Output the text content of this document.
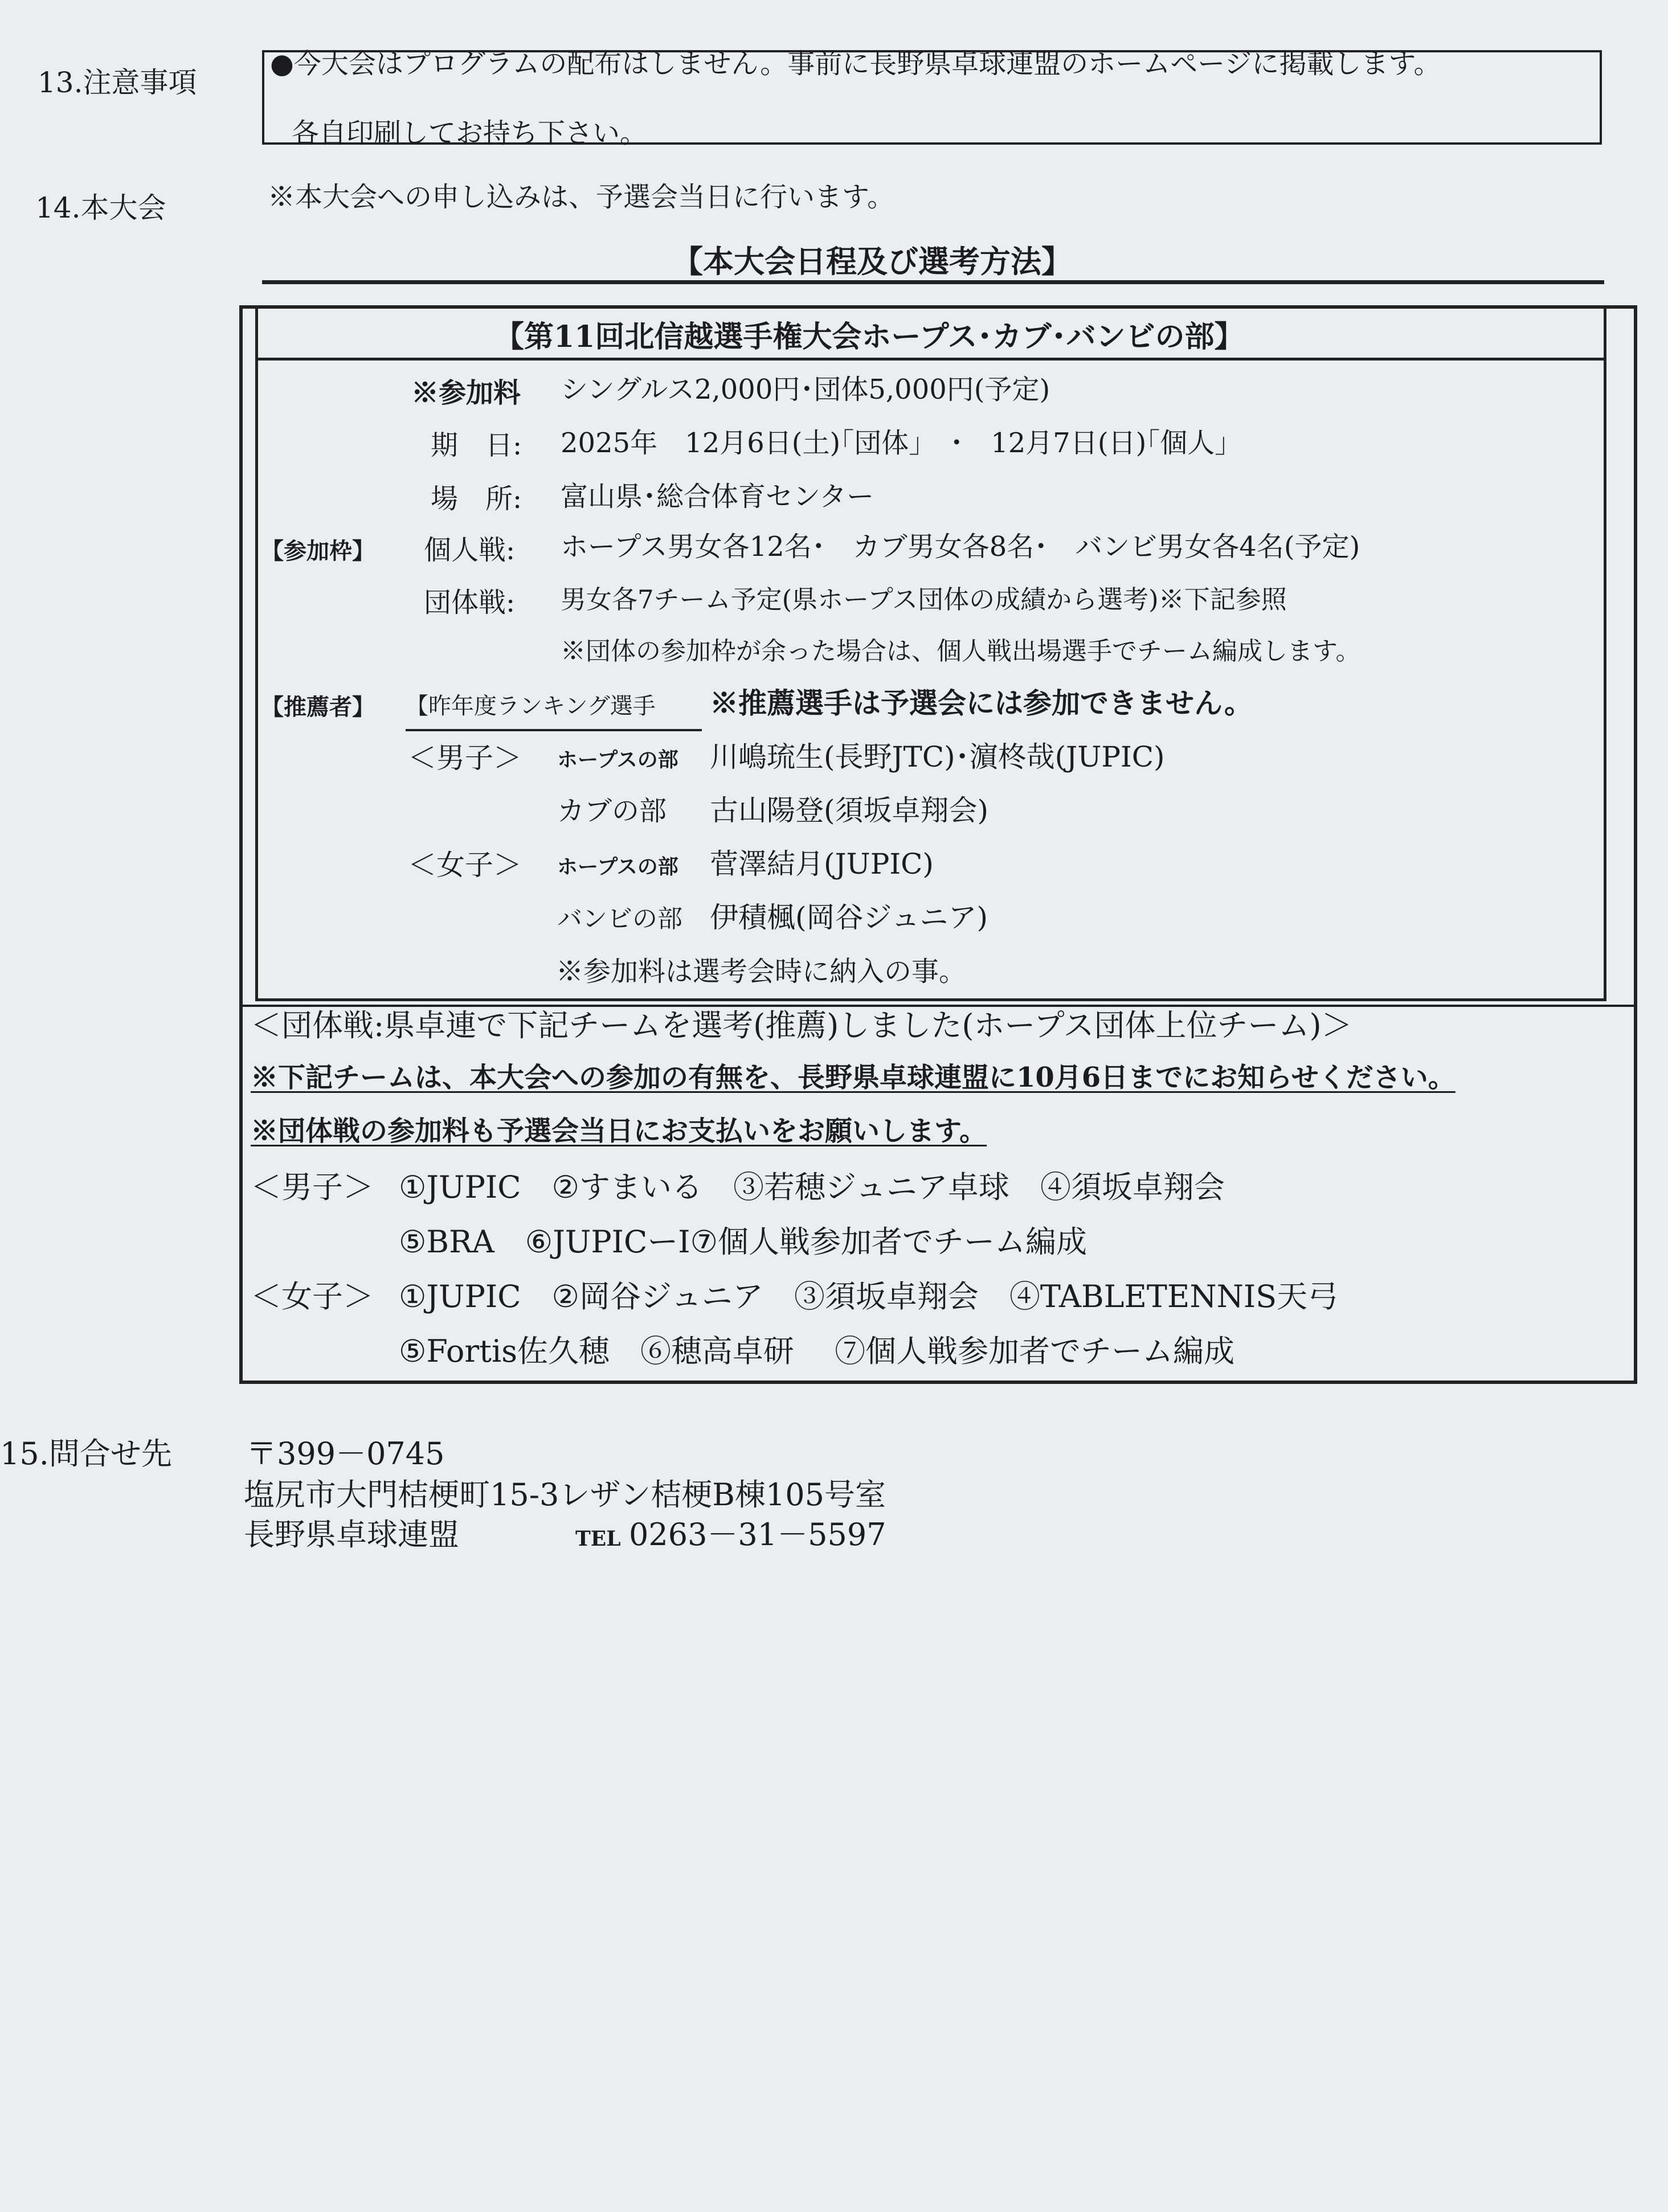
13.注意事項
●今大会はプログラムの配布はしません。事前に長野県卓球連盟のホームページに掲載します。
各自印刷してお持ち下さい。
14.本大会	※本大会への申し込みは、予選会当日に行います。
【本大会日程及び選考方法】
【第11回北信越選手権大会ホープス･カブ･バンビの部】
※参加料 シングルス2,000円･団体5,000円(予定)
期　日: 2025年　12月6日(土)｢団体｣　･　12月7日(日)｢個人｣
場　所: 富山県･総合体育センター
【参加枠】 個人戦: ホープス男女各12名･　カブ男女各8名･　バンビ男女各4名(予定)
団体戦: 男女各7チーム予定(県ホープス団体の成績から選考)※下記参照
※団体の参加枠が余った場合は、個人戦出場選手でチーム編成します。
【推薦者】 【昨年度ランキング選手 ※推薦選手は予選会には参加できません。
＜男子＞ ホープスの部 川嶋琉生(長野JTC)･濵柊哉(JUPIC)
カブの部 古山陽登(須坂卓翔会)
＜女子＞ ホープスの部 菅澤結月(JUPIC)
バンビの部 伊積楓(岡谷ジュニア)
※参加料は選考会時に納入の事。
＜団体戦:県卓連で下記チームを選考(推薦)しました(ホープス団体上位チーム)＞
※下記チームは、本大会への参加の有無を、長野県卓球連盟に10月6日までにお知らせください。
※団体戦の参加料も予選会当日にお支払いをお願いします。
＜男子＞ ①JUPIC　②すまいる　③若穂ジュニア卓球　④須坂卓翔会
⑤BRA　⑥JUPICーⅠ⑦個人戦参加者でチーム編成
＜女子＞ ①JUPIC　②岡谷ジュニア　③須坂卓翔会　④TABLETENNIS天弓
⑤Fortis佐久穂　⑥穂高卓研　 ⑦個人戦参加者でチーム編成
15.問合せ先 〒399－0745
塩尻市大門桔梗町15-3レザン桔梗B棟105号室
長野県卓球連盟	TEL 0263－31－5597
